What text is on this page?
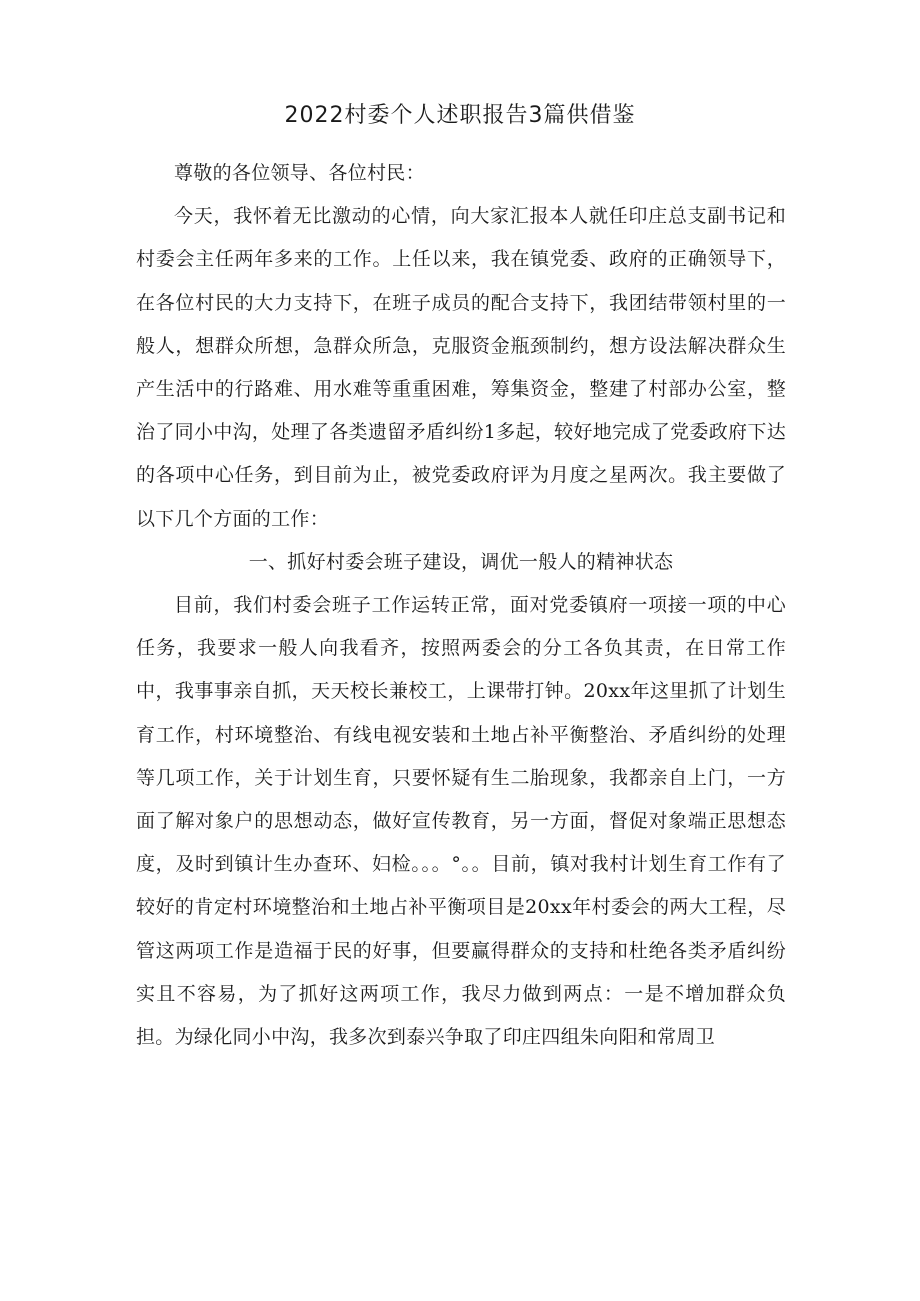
2022村委个人述职报告3篇供借鉴

尊敬的各位领导、各位村民：

今天，我怀着无比激动的心情，向大家汇报本人就任印庄总支副书记和村委会主任两年多来的工作。上任以来，我在镇党委、政府的正确领导下，在各位村民的大力支持下，在班子成员的配合支持下，我团结带领村里的一般人，想群众所想，急群众所急，克服资金瓶颈制约，想方设法解决群众生产生活中的行路难、用水难等重重困难，筹集资金，整建了村部办公室，整治了同小中沟，处理了各类遗留矛盾纠纷1多起，较好地完成了党委政府下达的各项中心任务，到目前为止，被党委政府评为月度之星两次。我主要做了以下几个方面的工作：

一、抓好村委会班子建设，调优一般人的精神状态

目前，我们村委会班子工作运转正常，面对党委镇府一项接一项的中心任务，我要求一般人向我看齐，按照两委会的分工各负其责，在日常工作中，我事事亲自抓，天天校长兼校工，上课带打钟。20xx年这里抓了计划生育工作，村环境整治、有线电视安装和土地占补平衡整治、矛盾纠纷的处理等几项工作，关于计划生育，只要怀疑有生二胎现象，我都亲自上门，一方面了解对象户的思想动态，做好宣传教育，另一方面，督促对象端正思想态度，及时到镇计生办查环、妇检。。。°。。目前，镇对我村计划生育工作有了较好的肯定村环境整治和土地占补平衡项目是20xx年村委会的两大工程，尽管这两项工作是造福于民的好事，但要赢得群众的支持和杜绝各类矛盾纠纷实且不容易，为了抓好这两项工作，我尽力做到两点：一是不增加群众负担。为绿化同小中沟，我多次到泰兴争取了印庄四组朱向阳和常周卫
